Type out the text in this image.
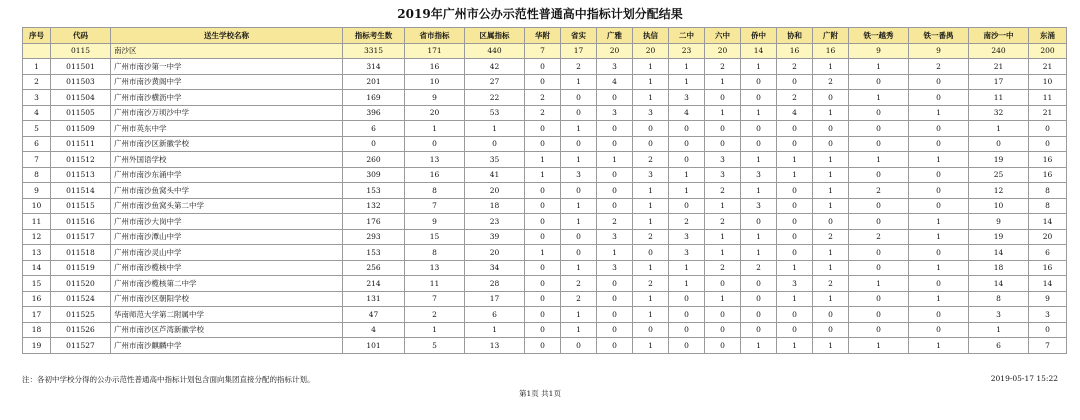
2019年广州市公办示范性普通高中指标计划分配结果
序号	代码	送生学校名称	指标考生数	省市指标	区属指标	华附	省实	广雅	执信	二中	六中	侨中	协和	广附	铁一越秀	铁一番禺	南沙一中	东涌
	0115	南沙区	3315	171	440	7	17	20	20	23	20	14	16	16	9	9	240	200
1	011501	广州市南沙第一中学	314	16	42	0	2	3	1	1	2	1	2	1	1	2	21	21
2	011503	广州市南沙黄阁中学	201	10	27	0	1	4	1	1	1	0	0	2	0	0	17	10
3	011504	广州市南沙横沥中学	169	9	22	2	0	0	1	3	0	0	2	0	1	0	11	11
4	011505	广州市南沙万顷沙中学	396	20	53	2	0	3	3	4	1	1	4	1	0	1	32	21
5	011509	广州市英东中学	6	1	1	0	1	0	0	0	0	0	0	0	0	0	1	0
6	011511	广州市南沙区新徽学校	0	0	0	0	0	0	0	0	0	0	0	0	0	0	0	0
7	011512	广州外国语学校	260	13	35	1	1	1	2	0	3	1	1	1	1	1	19	16
8	011513	广州市南沙东涌中学	309	16	41	1	3	0	3	1	3	3	1	1	0	0	25	16
9	011514	广州市南沙鱼窝头中学	153	8	20	0	0	0	1	1	2	1	0	1	2	0	12	8
10	011515	广州市南沙鱼窝头第二中学	132	7	18	0	1	0	1	0	1	3	0	1	0	0	10	8
11	011516	广州市南沙大岗中学	176	9	23	0	1	2	1	2	2	0	0	0	0	1	9	14
12	011517	广州市南沙潭山中学	293	15	39	0	0	3	2	3	1	1	0	2	2	1	19	20
13	011518	广州市南沙灵山中学	153	8	20	1	0	1	0	3	1	1	0	1	0	0	14	6
14	011519	广州市南沙榄核中学	256	13	34	0	1	3	1	1	2	2	1	1	0	1	18	16
15	011520	广州市南沙榄核第二中学	214	11	28	0	2	0	2	1	0	0	3	2	1	0	14	14
16	011524	广州市南沙区朝阳学校	131	7	17	0	2	0	1	0	1	0	1	1	0	1	8	9
17	011525	华南师范大学第二附属中学	47	2	6	0	1	0	1	0	0	0	0	0	0	0	3	3
18	011526	广州市南沙区芦湾新徽学校	4	1	1	0	1	0	0	0	0	0	0	0	0	0	1	0
19	011527	广州市南沙麒麟中学	101	5	13	0	0	0	1	0	0	1	1	1	1	1	6	7
注：各初中学校分得的公办示范性普通高中指标计划包含面向集团直接分配的指标计划。	2019-05-17 15:22
第1页 共1页
